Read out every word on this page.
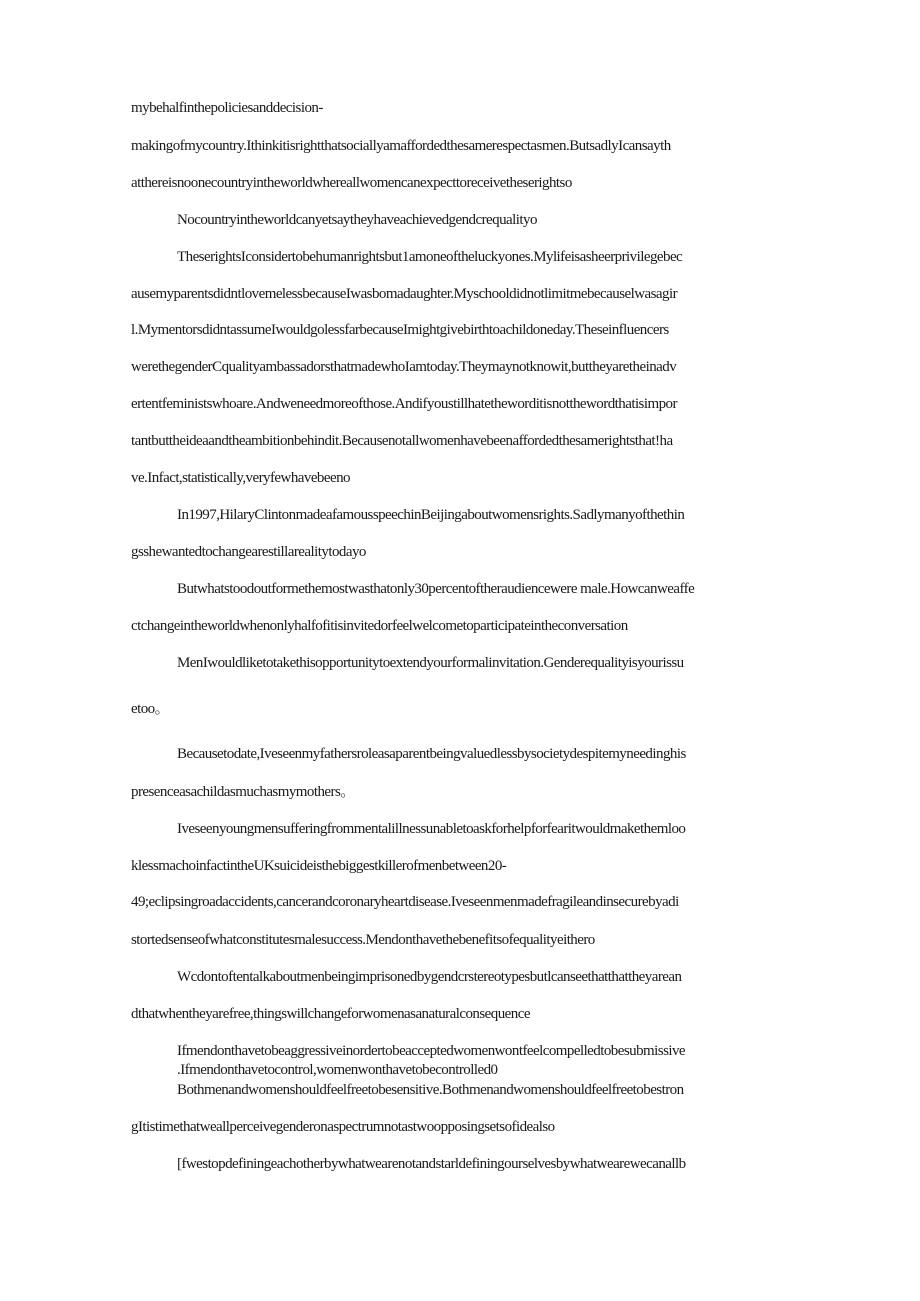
mybehalfinthepoliciesanddecision-
makingofmycountry.Ithinkitisrightthatsociallyamaffordedthesamerespectasmen.ButsadlyIcansayth
atthereisnoonecountryintheworldwhereallwomencanexpecttoreceivetheserightso
Nocountryintheworldcanyetsaytheyhaveachievedgendcrequalityo
TheserightsIconsidertobehumanrightsbut1amoneoftheluckyones.Mylifeisasheerprivilegebec
ausemyparentsdidntlovemelessbecauseIwasbomadaughter.Myschooldidnotlimitmebecauselwasagir
l.MymentorsdidntassumeIwouldgolessfarbecauseImightgivebirthtoachildoneday.Theseinfluencers
werethegenderCqualityambassadorsthatmadewhoIamtoday.Theymaynotknowit,buttheyaretheinadv
ertentfeministswhoare.Andweneedmoreofthose.Andifyoustillhatetheworditisnotthewordthatisimpor
tantbuttheideaandtheambitionbehindit.Becausenotallwomenhavebeenaffordedthesamerightsthat!ha
ve.Infact,statistically,veryfewhavebeeno
In1997,HilaryClintonmadeafamousspeechinBeijingaboutwomensrights.Sadlymanyofthethin
gsshewantedtochangearestillarealitytodayo
Butwhatstoodoutformethemostwasthatonly30percentoftheraudiencewere male.Howcanweaffe
ctchangeintheworldwhenonlyhalfofitisinvitedorfeelwelcometoparticipateintheconversation
MenIwouldliketotakethisopportunitytoextendyourformalinvitation.Genderequalityisyourissu
etoo。
Becausetodate,Iveseenmyfathersroleasaparentbeingvaluedlessbysocietydespitemyneedinghis
presenceasachildasmuchasmymothers。
Iveseenyoungmensufferingfrommentalillnessunabletoaskforhelpforfearitwouldmakethemloo
klessmachoinfactintheUKsuicideisthebiggestkillerofmenbetween20-
49;eclipsingroadaccidents,cancerandcoronaryheartdisease.Iveseenmenmadefragileandinsecurebyadi
stortedsenseofwhatconstitutesmalesuccess.Mendonthavethebenefitsofequalityeithero
Wcdontoftentalkaboutmenbeingimprisonedbygendcrstereotypesbutlcanseethatthattheyarean
dthatwhentheyarefree,thingswillchangeforwomenasanaturalconsequence
Ifmendonthavetobeaggressiveinordertobeacceptedwomenwontfeelcompelledtobesubmissive
.Ifmendonthavetocontrol,womenwonthavetobecontrolled0
Bothmenandwomenshouldfeelfreetobesensitive.Bothmenandwomenshouldfeelfreetobestron
gItistimethatweallperceivegenderonaspectrumnotastwoopposingsetsofidealso
[fwestopdefiningeachotherbywhatwearenotandstarldefiningourselvesbywhatwearewecanallb
